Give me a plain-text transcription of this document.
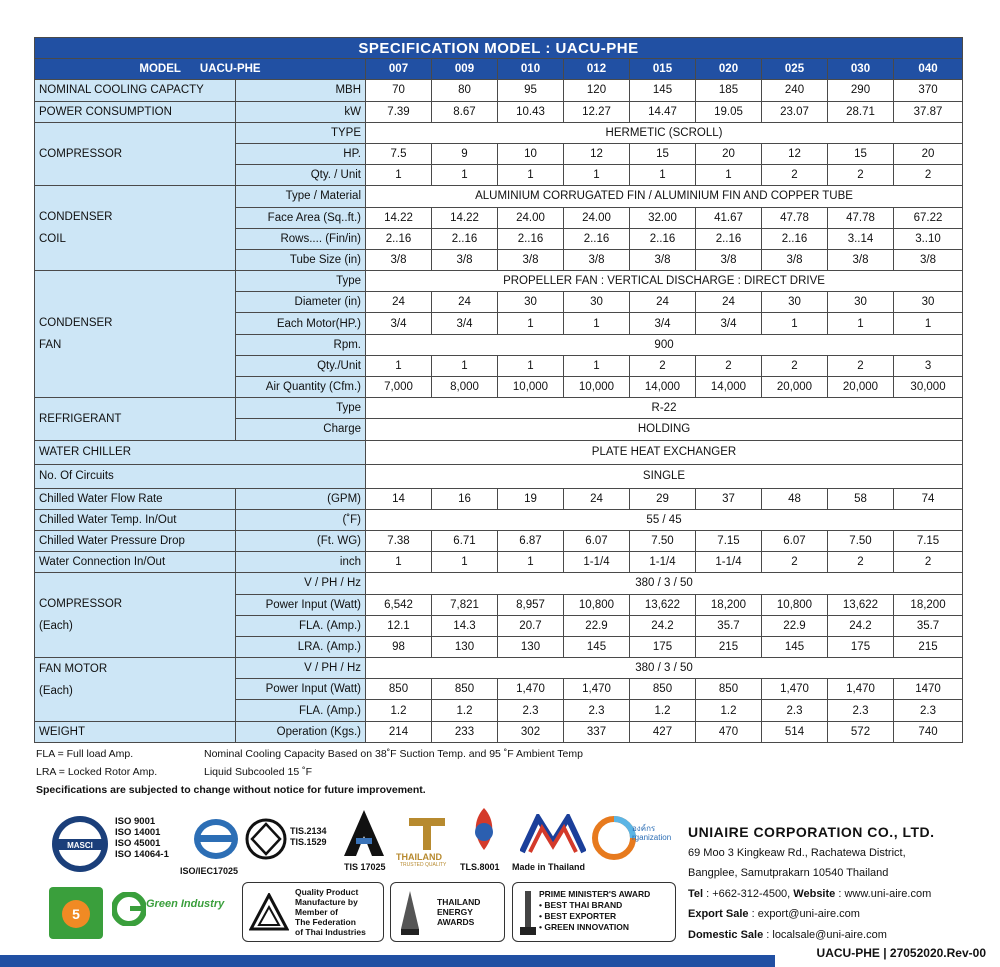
SPECIFICATION MODEL : UACU-PHE										
MODEL      UACU-PHE		007	009	010	012	015	020	025	030	040
NOMINAL COOLING CAPACTY	MBH	70	80	95	120	145	185	240	290	370
POWER CONSUMPTION	kW	7.39	8.67	10.43	12.27	14.47	19.05	23.07	28.71	37.87

COMPRESSOR	TYPE	HERMETIC (SCROLL)								
	HP.	7.5	9	10	12	15	20	12	15	20
	Qty. / Unit	1	1	1	1	1	1	2	2	2

CONDENSER
COIL	Type / Material	ALUMINIUM CORRUGATED FIN / ALUMINIUM FIN AND COPPER TUBE								
	Face Area (Sq..ft.)	14.22	14.22	24.00	24.00	32.00	41.67	47.78	47.78	67.22
	Rows.... (Fin/in)	2..16	2..16	2..16	2..16	2..16	2..16	2..16	3..14	3..10
	Tube Size (in)	3/8	3/8	3/8	3/8	3/8	3/8	3/8	3/8	3/8

CONDENSER
FAN	Type	PROPELLER FAN : VERTICAL DISCHARGE : DIRECT DRIVE								
	Diameter (in)	24	24	30	30	24	24	30	30	30
	Each Motor(HP.)	3/4	3/4	1	1	3/4	3/4	1	1	1
	Rpm.	900								
	Qty./Unit	1	1	1	1	2	2	2	2	3
	Air Quantity (Cfm.)	7,000	8,000	10,000	10,000	14,000	14,000	20,000	20,000	30,000

REFRIGERANT	Type	R-22								
	Charge	HOLDING								
WATER CHILLER		PLATE HEAT EXCHANGER								
No. Of Circuits		SINGLE								
Chilled Water Flow Rate	(GPM)	14	16	19	24	29	37	48	58	74
Chilled Water Temp. In/Out	(˚F)	55 / 45								
Chilled Water Pressure Drop	(Ft. WG)	7.38	6.71	6.87	6.07	7.50	7.15	6.07	7.50	7.15
Water Connection In/Out	inch	1	1	1	1-1/4	1-1/4	1-1/4	2	2	2

COMPRESSOR
(Each)	V / PH / Hz	380 / 3 / 50								
	Power Input (Watt)	6,542	7,821	8,957	10,800	13,622	18,200	10,800	13,622	18,200
	FLA. (Amp.)	12.1	14.3	20.7	22.9	24.2	35.7	22.9	24.2	35.7
	LRA. (Amp.)	98	130	130	145	175	215	145	175	215

FAN MOTOR
(Each)	V / PH / Hz	380 / 3 / 50								
	Power Input (Watt)	850	850	1,470	1,470	850	850	1,470	1,470	1470
	FLA. (Amp.)	1.2	1.2	2.3	2.3	1.2	1.2	2.3	2.3	2.3
WEIGHT	Operation (Kgs.)	214	233	302	337	427	470	514	572	740
FLA = Full load Amp.	Nominal Cooling Capacity Based on 38˚F Suction Temp. and 95 ˚F Ambient Temp
LRA = Locked Rotor Amp.	Liquid Subcooled 15 ˚F
Specifications are subjected to change without notice for future improvement.
MASCI
ISO 9001
ISO 14001
ISO 45001
ISO 14064-1
ISO/IEC17025
TIS.2134
TIS.1529
TIS 17025
THAILAND
TRUSTED QUALITY TLS.8001 Made in Thailand
องค์กร
rganization
5
Green Industry
Quality Product
Manufacture by
Member of
The Federation
of Thai Industries
THAILAND
ENERGY
AWARDS
PRIME MINISTER'S AWARD
• BEST THAI BRAND
• BEST EXPORTER
• GREEN INNOVATION
UNIAIRE CORPORATION CO., LTD.
69 Moo 3 Kingkeaw Rd., Rachatewa District,
Bangplee, Samutprakarn 10540 Thailand
Tel : +662-312-4500, Website : www.uni-aire.com
Export Sale : export@uni-aire.com
Domestic Sale : localsale@uni-aire.com
UACU-PHE | 27052020.Rev-00
